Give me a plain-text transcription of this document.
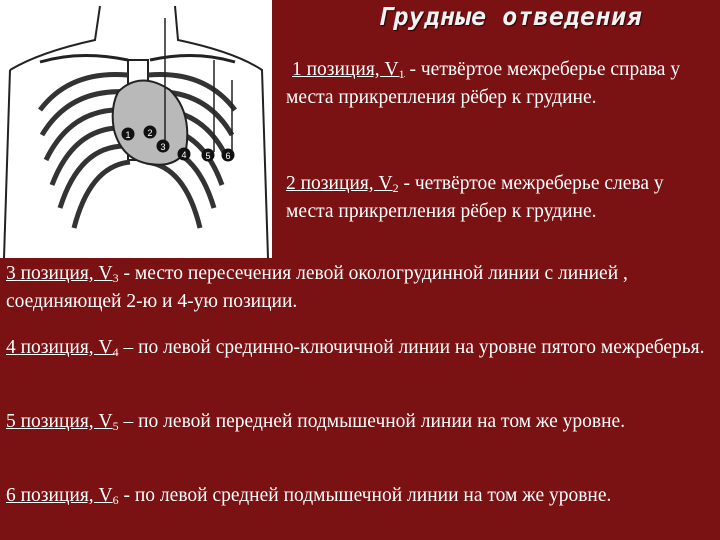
1 2
3
4 5 6
Грудные отведения
1 позиция, $V_1$ - четвёртое межреберье справа у места прикрепления рёбер к грудине.
2 позиция, $V_2$ - четвёртое межреберье слева у места прикрепления рёбер к грудине.
3 позиция, $V_3$ - место пересечения левой окологрудинной линии с линией , соединяющей 2-ю и 4-ую позиции.
4 позиция, $V_4$ – по левой срединно-ключичной линии на уровне пятого межреберья.
5 позиция, $V_5$ – по левой передней подмышечной линии на том же уровне.
6 позиция, $V_6$ - по левой средней подмышечной линии на том же уровне.
